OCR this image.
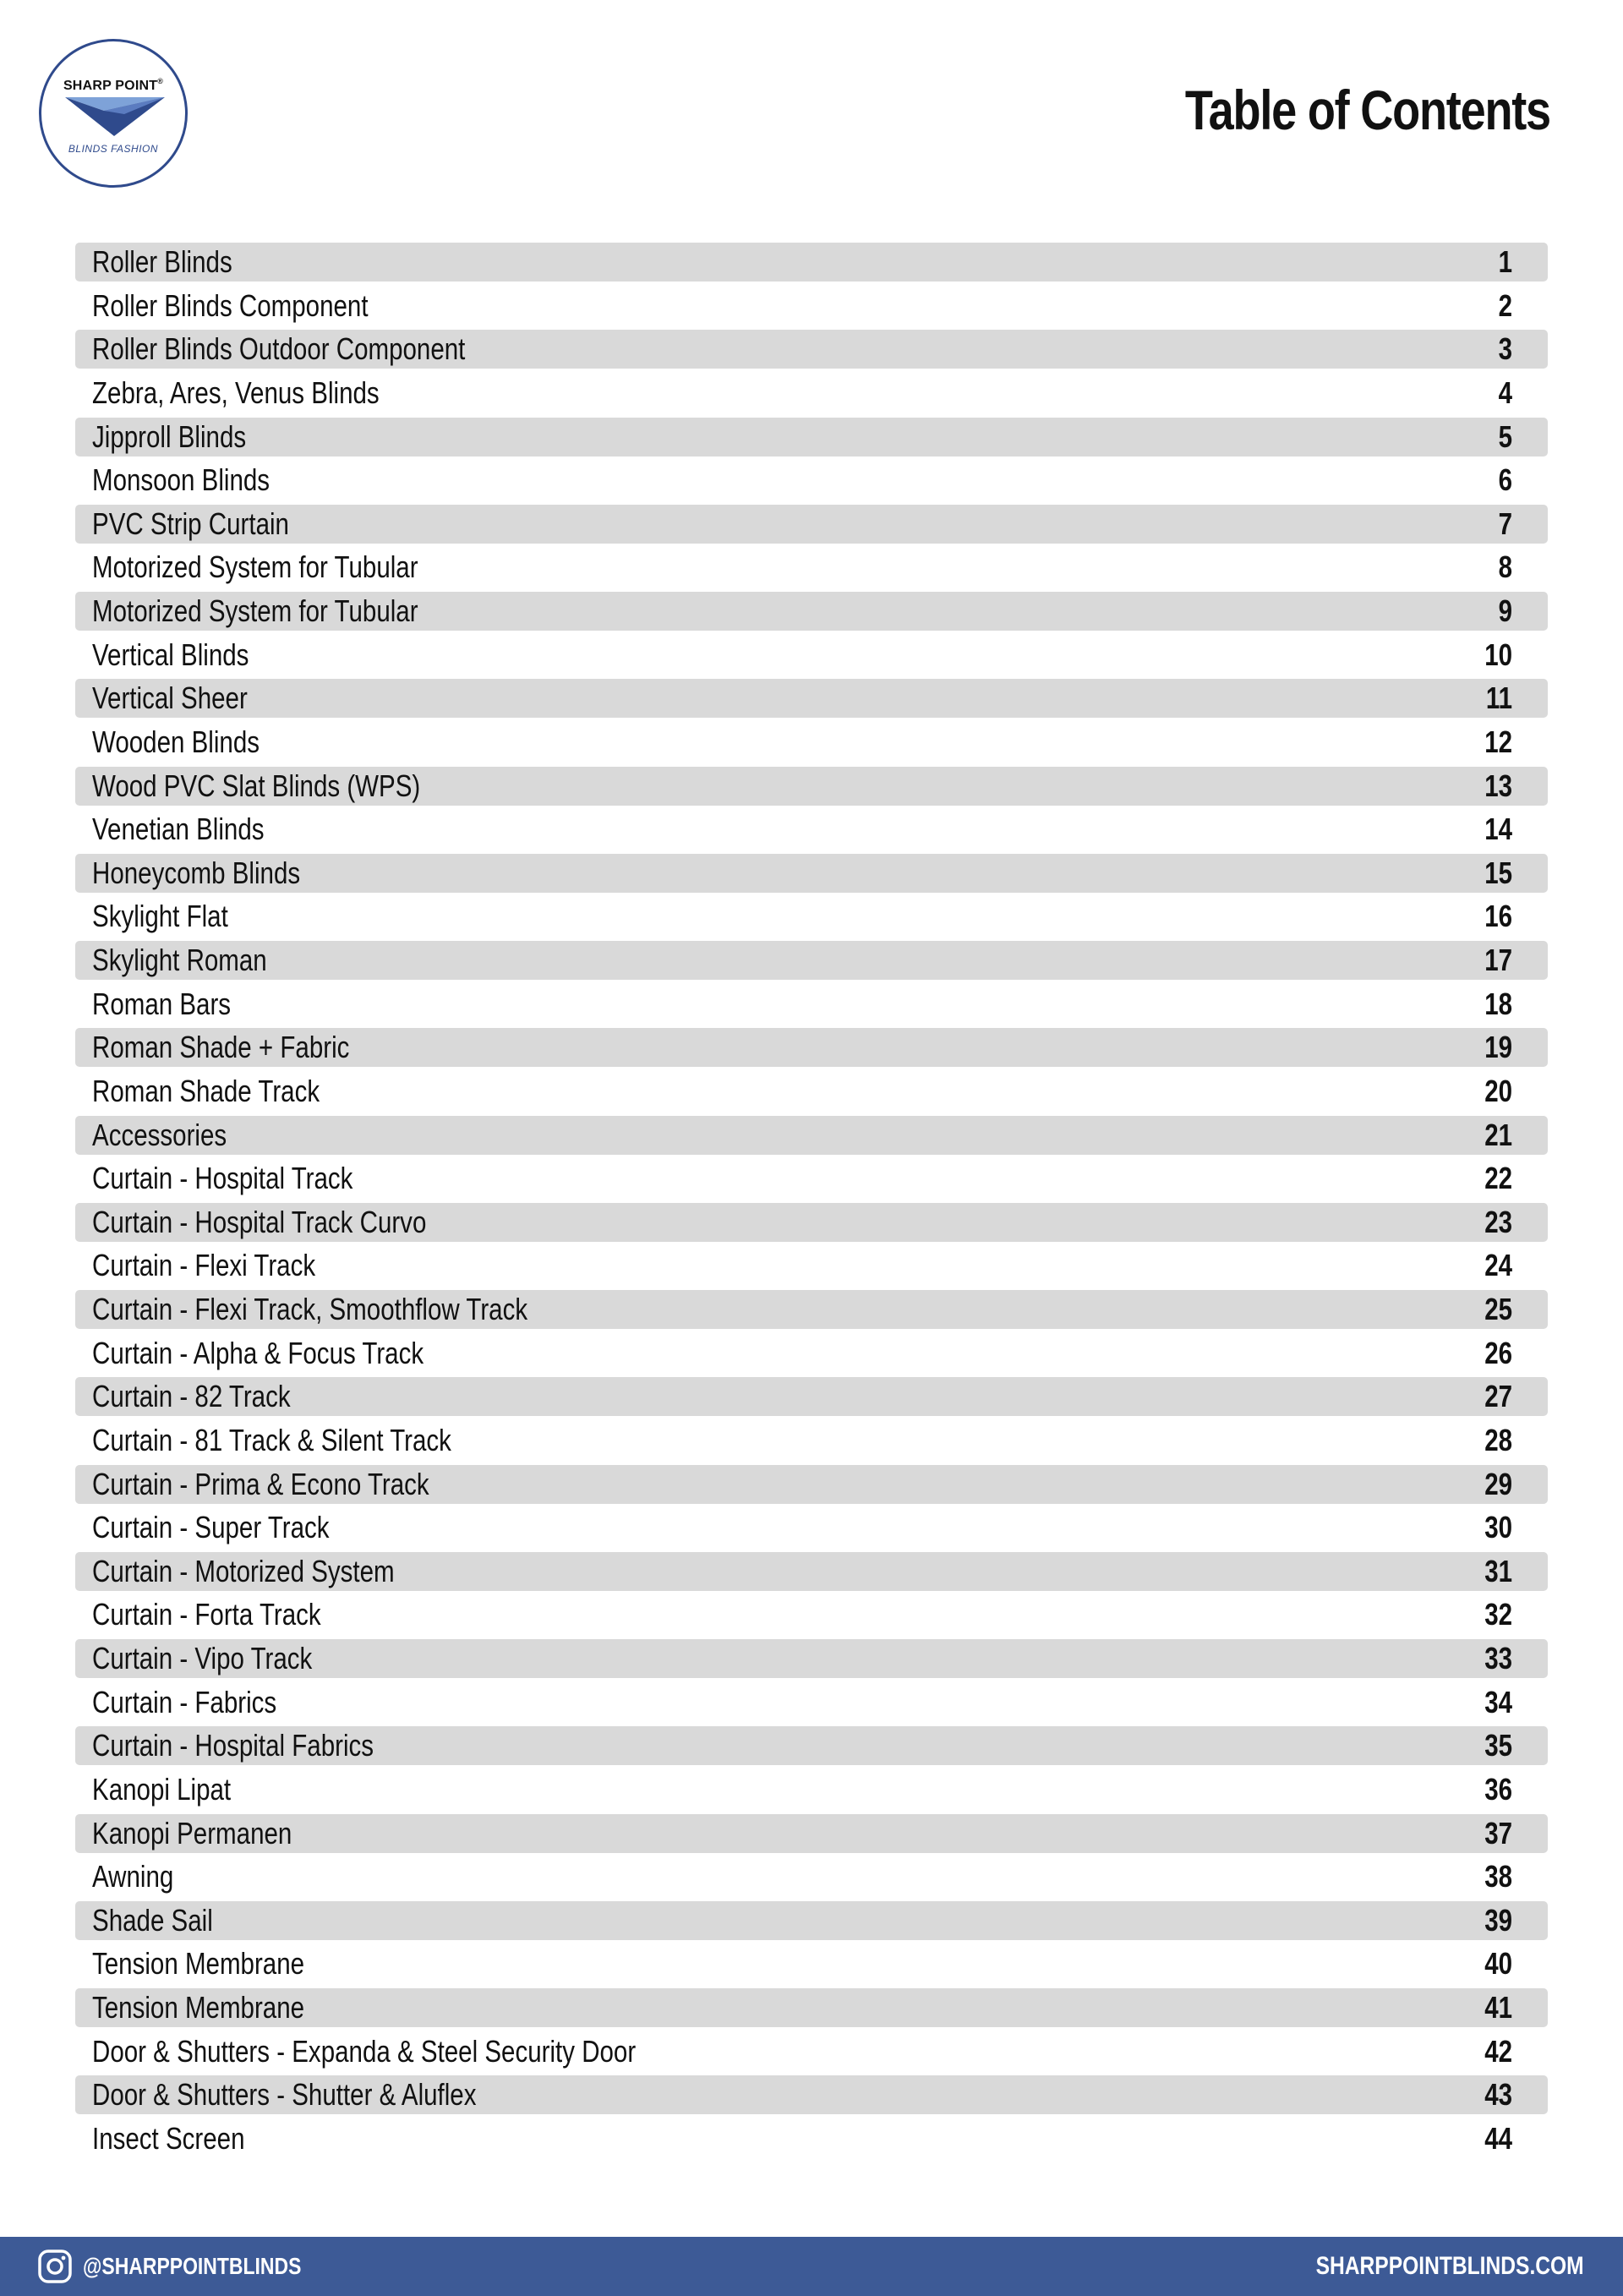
SHARP POINT®
BLINDS FASHION
Table of Contents
Roller Blinds	1
Roller Blinds Component	2
Roller Blinds Outdoor Component	3
Zebra, Ares, Venus Blinds	4
Jipproll Blinds	5
Monsoon Blinds	6
PVC Strip Curtain	7
Motorized System for Tubular	8
Motorized System for Tubular	9
Vertical Blinds	10
Vertical Sheer	11
Wooden Blinds	12
Wood PVC Slat Blinds (WPS)	13
Venetian Blinds	14
Honeycomb Blinds	15
Skylight Flat	16
Skylight Roman	17
Roman Bars	18
Roman Shade + Fabric	19
Roman Shade Track	20
Accessories	21
Curtain - Hospital Track	22
Curtain - Hospital Track Curvo	23
Curtain - Flexi Track	24
Curtain - Flexi Track, Smoothflow Track	25
Curtain - Alpha & Focus Track	26
Curtain - 82 Track	27
Curtain - 81 Track & Silent Track	28
Curtain - Prima & Econo Track	29
Curtain - Super Track	30
Curtain - Motorized System	31
Curtain - Forta Track	32
Curtain - Vipo Track	33
Curtain - Fabrics	34
Curtain - Hospital Fabrics	35
Kanopi Lipat	36
Kanopi Permanen	37
Awning	38
Shade Sail	39
Tension Membrane	40
Tension Membrane	41
Door & Shutters - Expanda & Steel Security Door	42
Door & Shutters - Shutter & Aluflex	43
Insect Screen	44
@SHARPPOINTBLINDS	SHARPPOINTBLINDS.COM
